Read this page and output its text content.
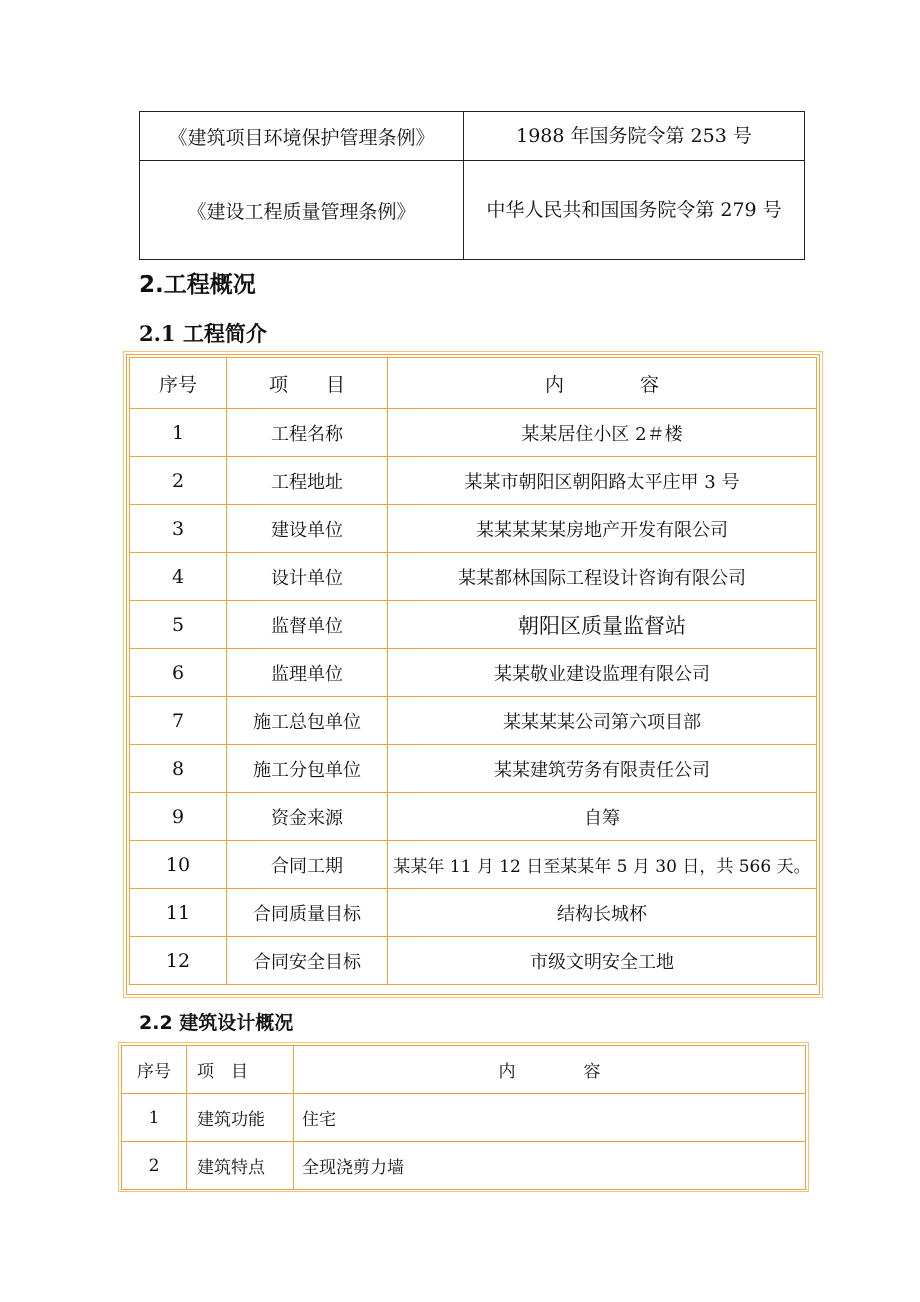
《建筑项目环境保护管理条例》	1988 年国务院令第 253 号
《建设工程质量管理条例》	中华人民共和国国务院令第 279 号
2.工程概况
2.1 工程简介
序号	项　　目	内　　　　容
1	工程名称	某某居住小区 2＃楼
2	工程地址	某某市朝阳区朝阳路太平庄甲 3 号
3	建设单位	某某某某某房地产开发有限公司
4	设计单位	某某都林国际工程设计咨询有限公司
5	监督单位	朝阳区质量监督站
6	监理单位	某某敬业建设监理有限公司
7	施工总包单位	某某某某公司第六项目部
8	施工分包单位	某某建筑劳务有限责任公司
9	资金来源	自筹
10	合同工期	某某年 11 月 12 日至某某年 5 月 30 日，共 566 天。
11	合同质量目标	结构长城杯
12	合同安全目标	市级文明安全工地
2.2 建筑设计概况
序号	项　目	内　　　　容
1	建筑功能	住宅
2	建筑特点	全现浇剪力墙
